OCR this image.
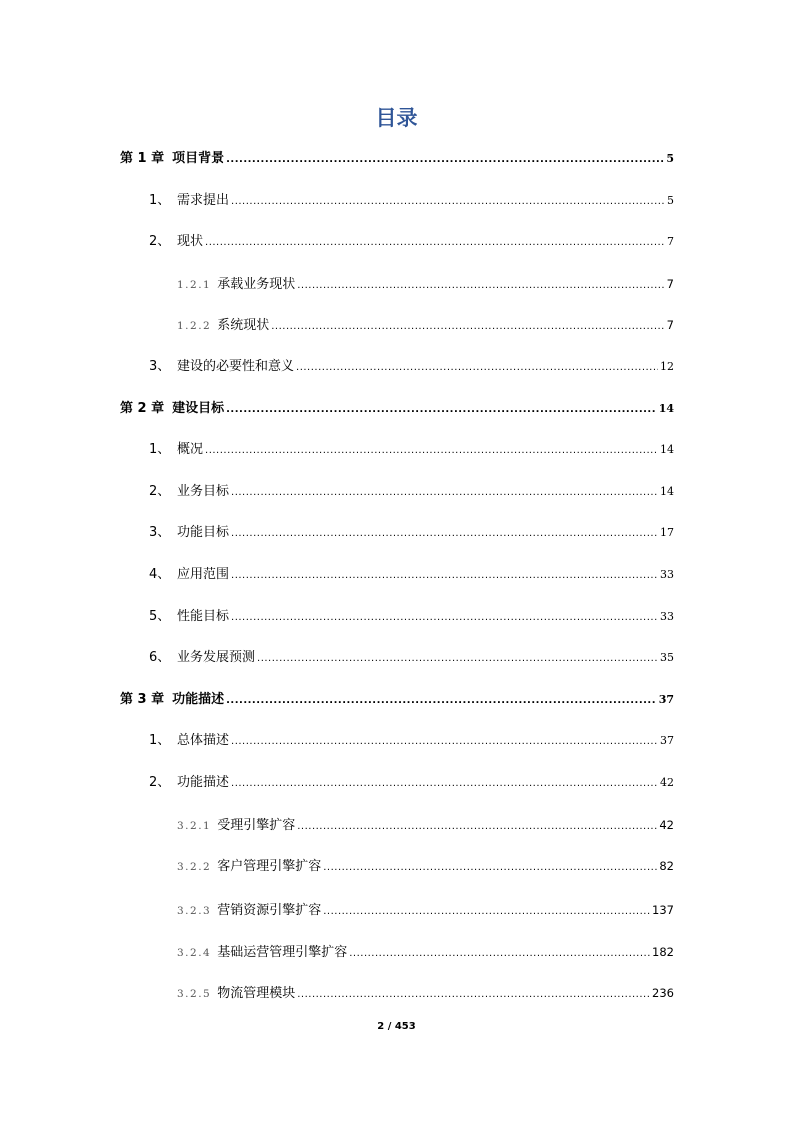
目录
第 1 章 项目背景 .....	5
1、 需求提出 .....	5
2、 现状 .....	7
1.2.1 承载业务现状 .....	7
1.2.2 系统现状 .....	7
3、 建设的必要性和意义 .....	12
第 2 章 建设目标 .....	14
1、 概况 .....	14
2、 业务目标 .....	14
3、 功能目标 .....	17
4、 应用范围 .....	33
5、 性能目标 .....	33
6、 业务发展预测 .....	35
第 3 章 功能描述 .....	37
1、 总体描述 .....	37
2、 功能描述 .....	42
3.2.1 受理引擎扩容 .....	42
3.2.2 客户管理引擎扩容 .....	82
3.2.3 营销资源引擎扩容 .....	137
3.2.4 基础运营管理引擎扩容 .....	182
3.2.5 物流管理模块 .....	236
2 / 453
